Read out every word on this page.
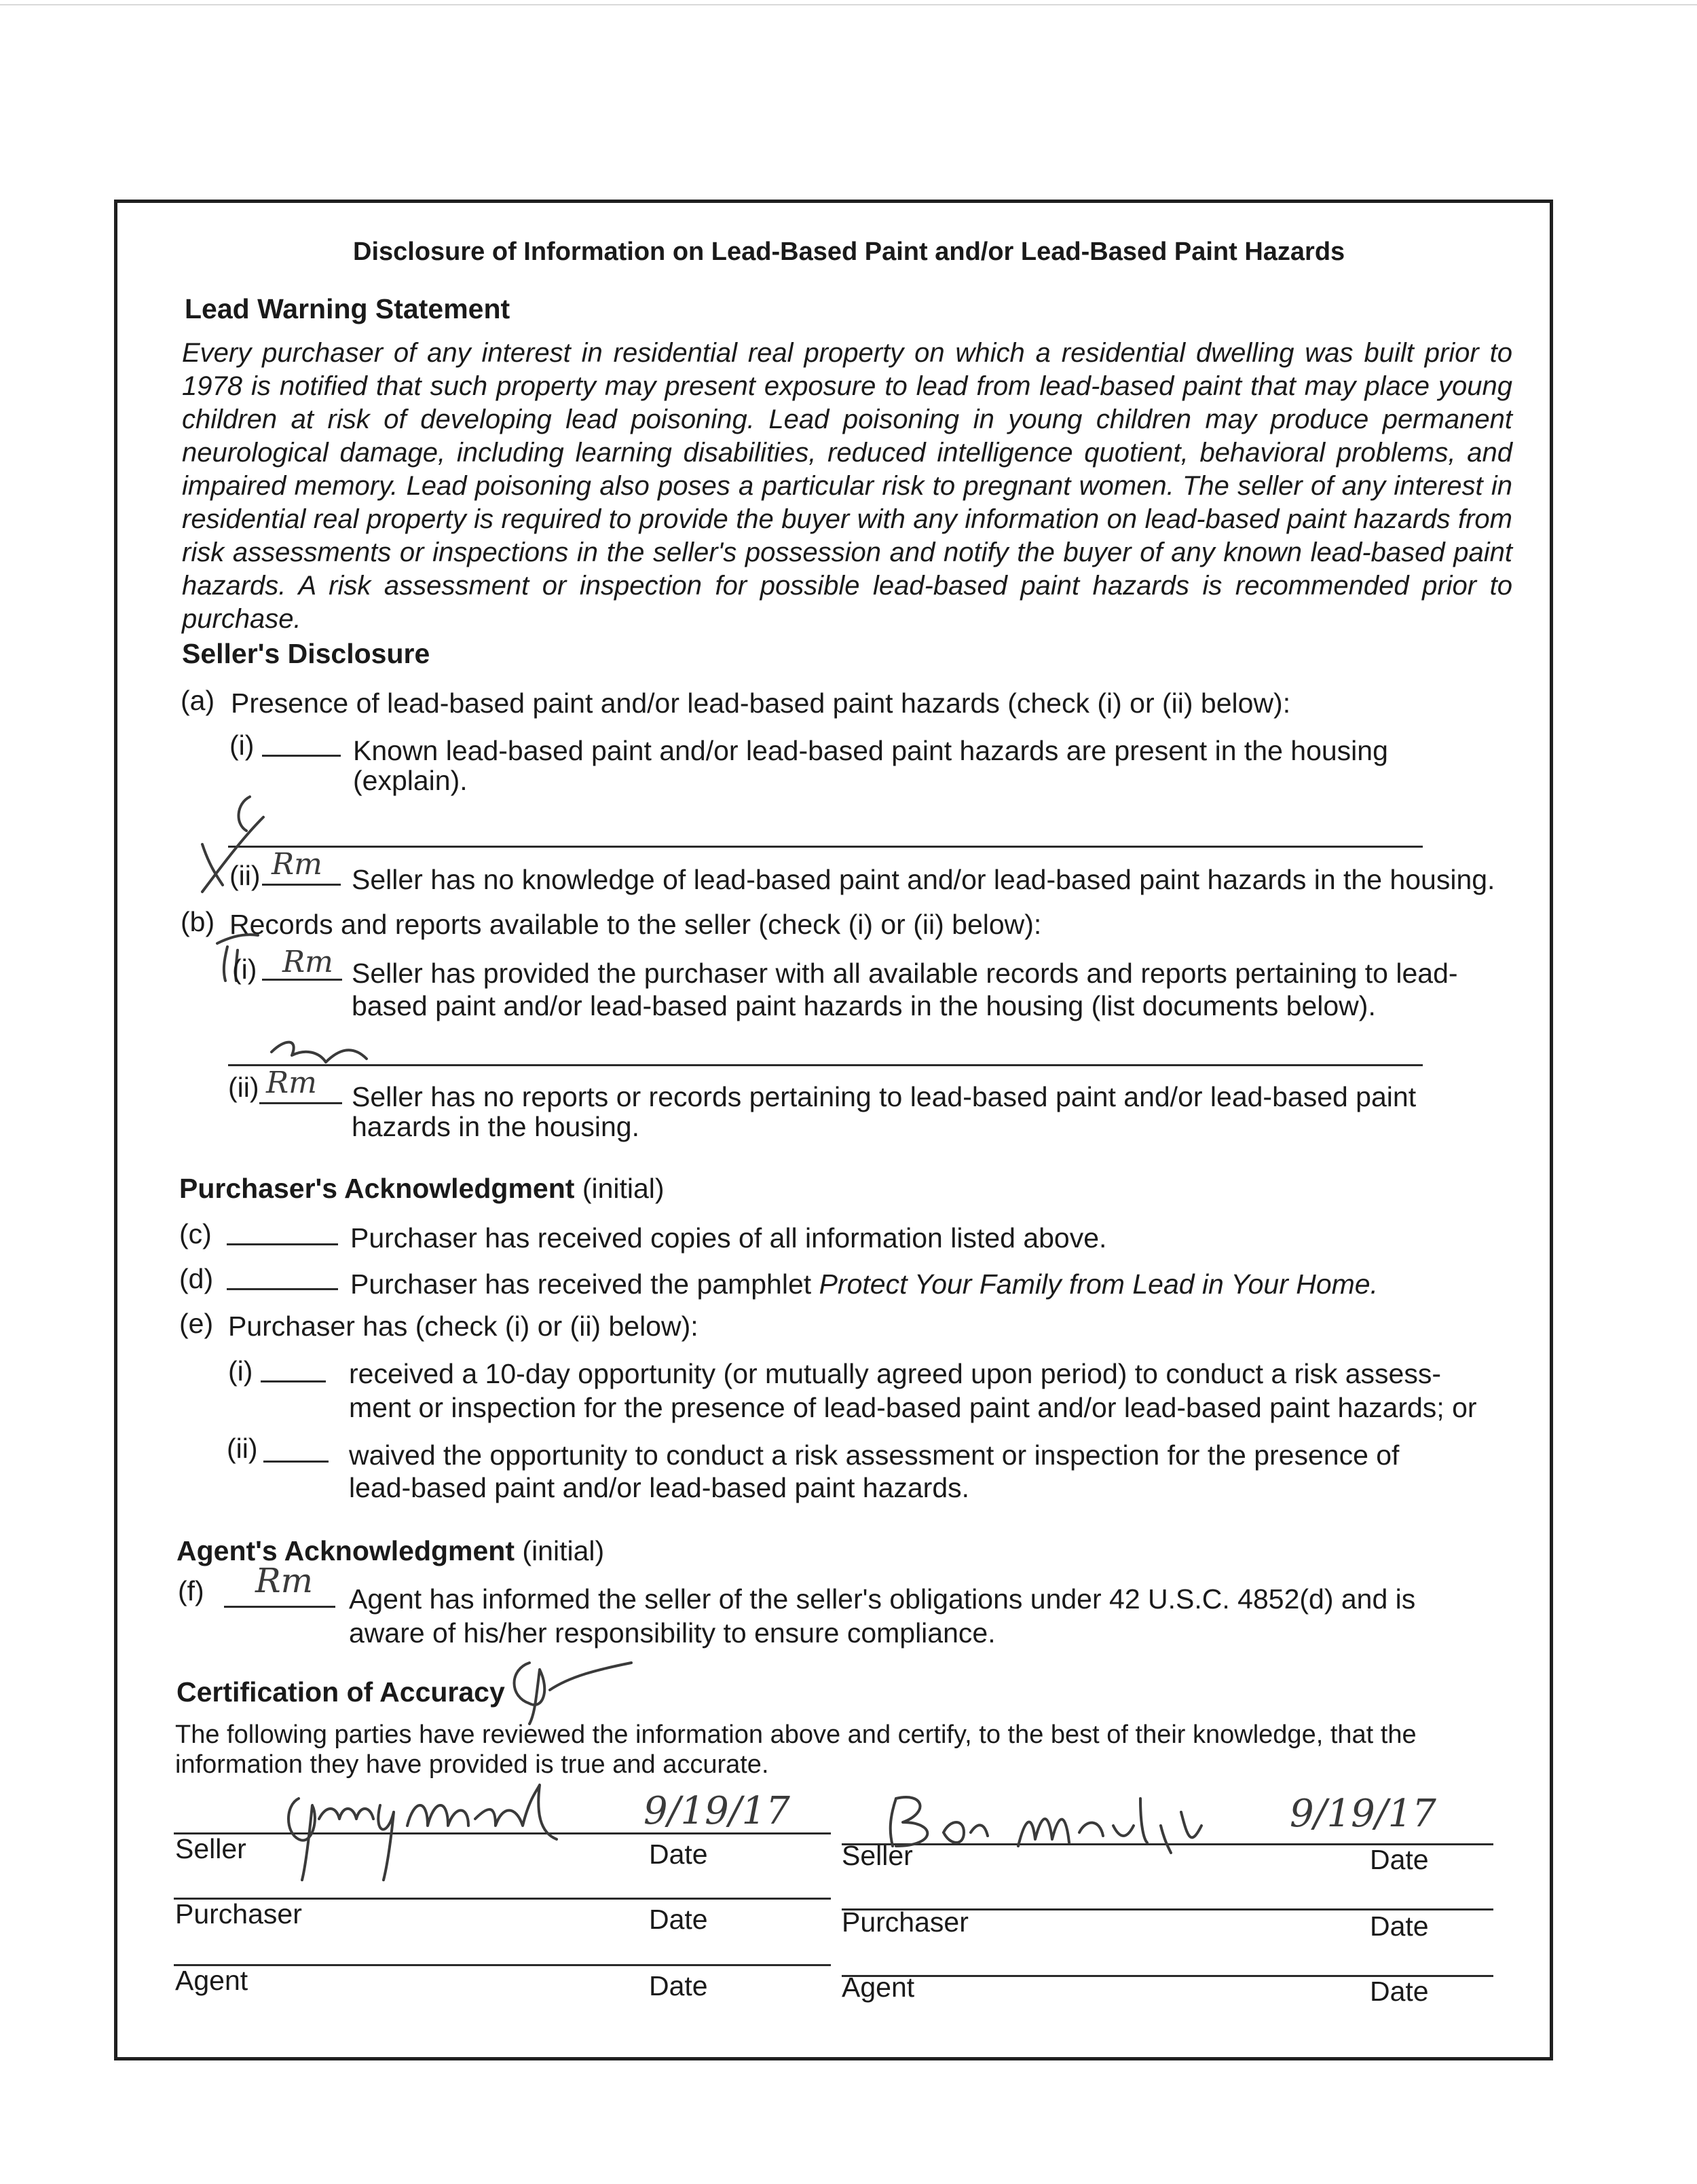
Disclosure of Information on Lead-Based Paint and/or Lead-Based Paint Hazards
Lead Warning Statement
Every purchaser of any interest in residential real property on which a residential dwelling was built prior to 1978 is notified that such property may present exposure to lead from lead-based paint that may place young children at risk of developing lead poisoning. Lead poisoning in young children may produce permanent neurological damage, including learning disabilities, reduced intelligence quotient, behavioral problems, and impaired memory. Lead poisoning also poses a particular risk to pregnant women. The seller of any interest in residential real property is required to provide the buyer with any information on lead-based paint hazards from risk assessments or inspections in the seller's possession and notify the buyer of any known lead-based paint hazards. A risk assessment or inspection for possible lead-based paint hazards is recommended prior to purchase.
Seller's Disclosure
(a) Presence of lead-based paint and/or lead-based paint hazards (check (i) or (ii) below):
(i)	Known lead-based paint and/or lead-based paint hazards are present in the housing
(explain).
(ii) Rm Seller has no knowledge of lead-based paint and/or lead-based paint hazards in the housing.
(b) Records and reports available to the seller (check (i) or (ii) below):
(i) Rm Seller has provided the purchaser with all available records and reports pertaining to lead-
based paint and/or lead-based paint hazards in the housing (list documents below).
(ii) Rm Seller has no reports or records pertaining to lead-based paint and/or lead-based paint
hazards in the housing.
Purchaser's Acknowledgment (initial)
(c)	Purchaser has received copies of all information listed above.
(d)	Purchaser has received the pamphlet Protect Your Family from Lead in Your Home.
(e) Purchaser has (check (i) or (ii) below):
(i)	received a 10-day opportunity (or mutually agreed upon period) to conduct a risk assess-
ment or inspection for the presence of lead-based paint and/or lead-based paint hazards; or
(ii)	waived the opportunity to conduct a risk assessment or inspection for the presence of
lead-based paint and/or lead-based paint hazards.
Agent's Acknowledgment (initial)
(f) Rm Agent has informed the seller of the seller's obligations under 42 U.S.C. 4852(d) and is
aware of his/her responsibility to ensure compliance.
Certification of Accuracy
The following parties have reviewed the information above and certify, to the best of their knowledge, that the
information they have provided is true and accurate.
Seller	Date	Seller	Date
9/19/17	9/19/17
Purchaser	Date	Purchaser	Date
Agent	Date	Agent	Date
